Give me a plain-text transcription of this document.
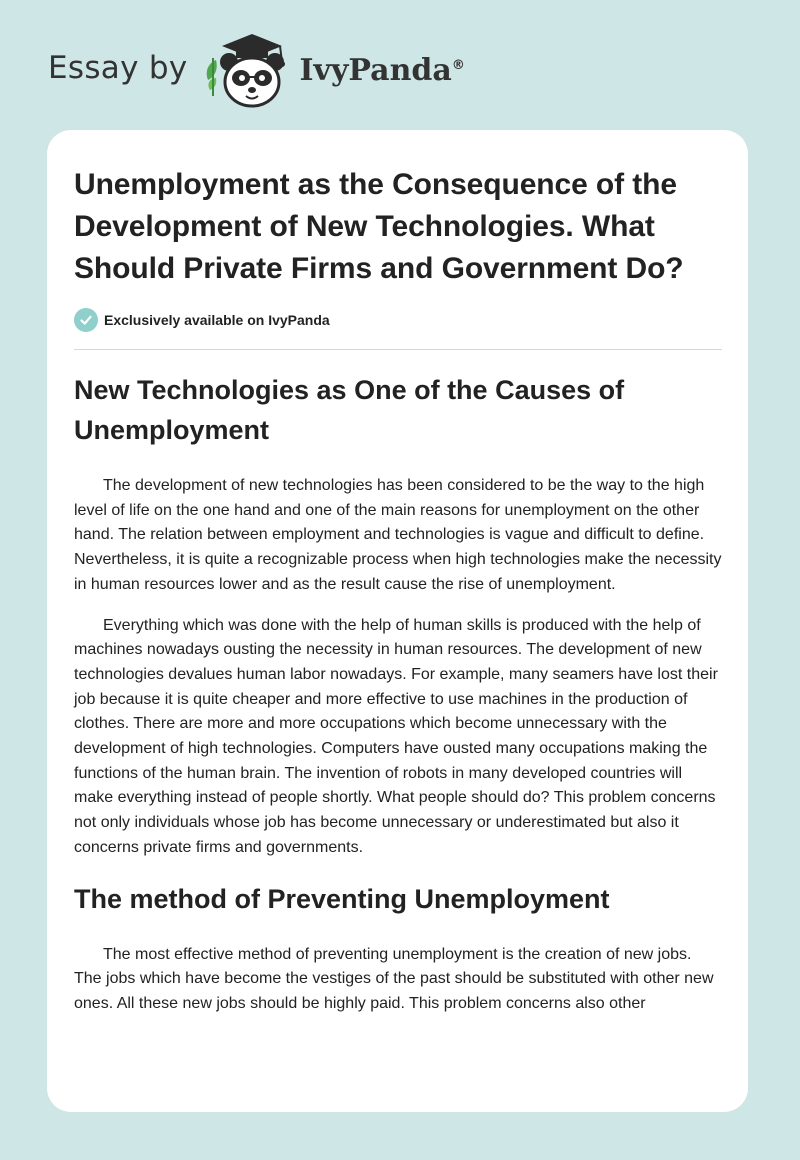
Essay by	IvyPanda®
Unemployment as the Consequence of the Development of New Technologies. What Should Private Firms and Government Do?
Exclusively available on IvyPanda
New Technologies as One of the Causes of Unemployment

The development of new technologies has been considered to be the way to the high level of life on the one hand and one of the main reasons for unemployment on the other hand. The relation between employment and technologies is vague and difficult to define. Nevertheless, it is quite a recognizable process when high technologies make the necessity in human resources lower and as the result cause the rise of unemployment.

Everything which was done with the help of human skills is produced with the help of machines nowadays ousting the necessity in human resources. The development of new technologies devalues human labor nowadays. For example, many seamers have lost their job because it is quite cheaper and more effective to use machines in the production of clothes. There are more and more occupations which become unnecessary with the development of high technologies. Computers have ousted many occupations making the functions of the human brain. The invention of robots in many developed countries will make everything instead of people shortly. What people should do? This problem concerns not only individuals whose job has become unnecessary or underestimated but also it concerns private firms and governments.

The method of Preventing Unemployment

The most effective method of preventing unemployment is the creation of new jobs. The jobs which have become the vestiges of the past should be substituted with other new ones. All these new jobs should be highly paid. This problem concerns also other
